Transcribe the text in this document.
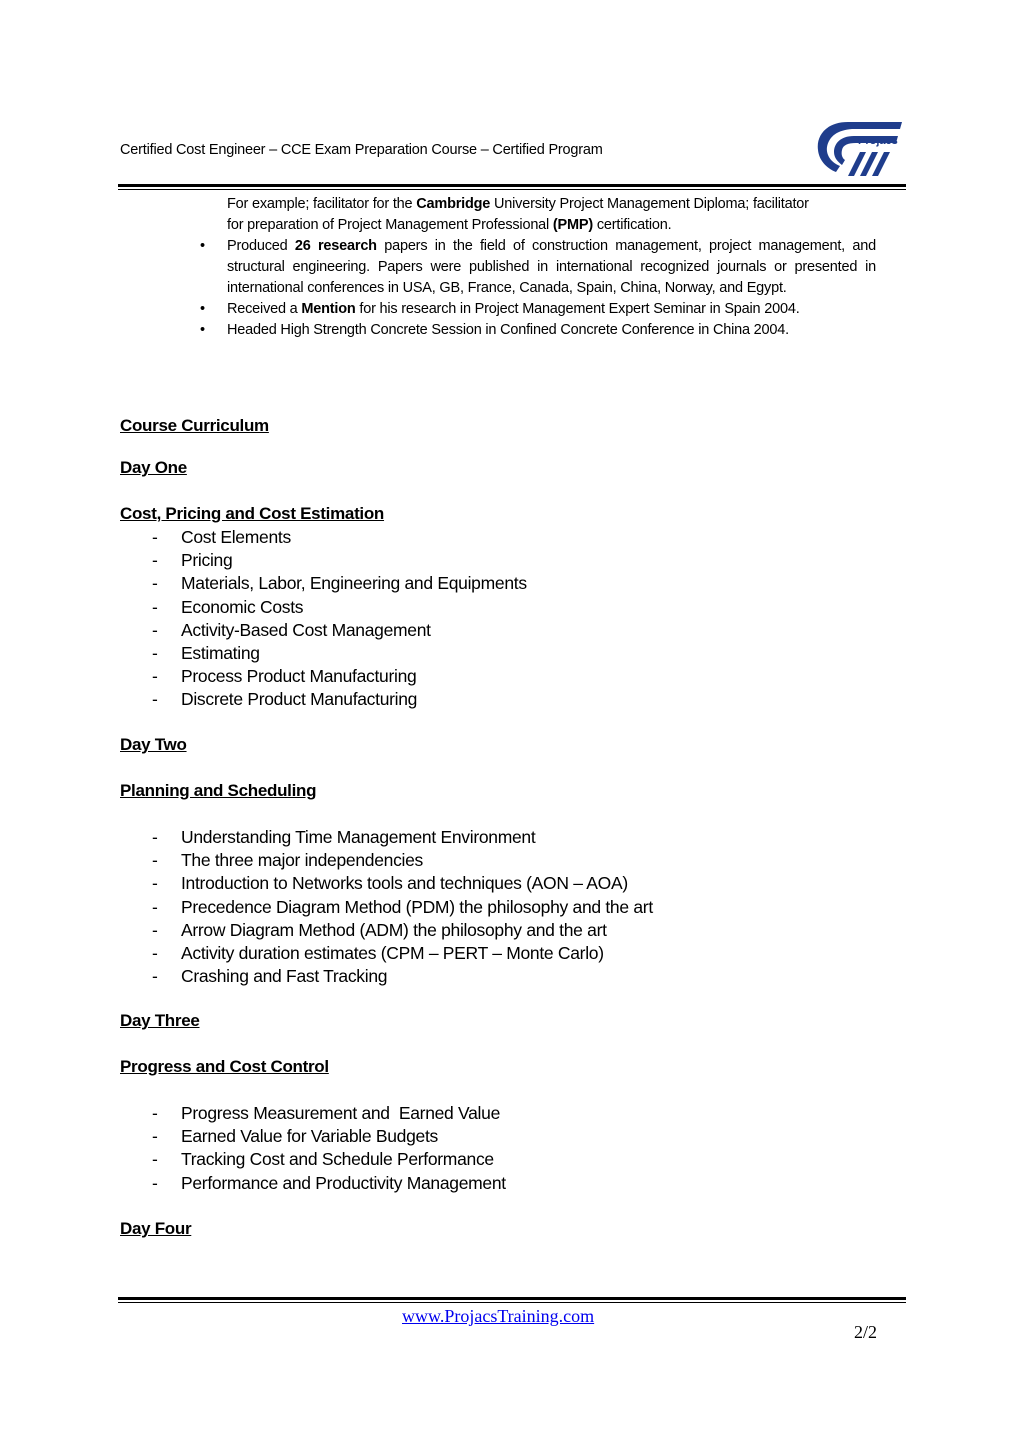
Certified Cost Engineer – CCE Exam Preparation Course – Certified Program
Projacs
For example; facilitator for the Cambridge University Project Management Diploma; facilitator
for preparation of Project Management Professional (PMP) certification.
• Produced 26 research papers in the field of construction management, project management, and structural engineering. Papers were published in international recognized journals or presented in international conferences in USA, GB, France, Canada, Spain, China, Norway, and Egypt.
• Received a Mention for his research in Project Management Expert Seminar in Spain 2004.
• Headed High Strength Concrete Session in Confined Concrete Conference in China 2004.
Course Curriculum
Day One
Cost, Pricing and Cost Estimation
- Cost Elements
- Pricing
- Materials, Labor, Engineering and Equipments
- Economic Costs
- Activity-Based Cost Management
- Estimating
- Process Product Manufacturing
- Discrete Product Manufacturing
Day Two
Planning and Scheduling
- Understanding Time Management Environment
- The three major independencies
- Introduction to Networks tools and techniques (AON – AOA)
- Precedence Diagram Method (PDM) the philosophy and the art
- Arrow Diagram Method (ADM) the philosophy and the art
- Activity duration estimates (CPM – PERT – Monte Carlo)
- Crashing and Fast Tracking
Day Three
Progress and Cost Control
- Progress Measurement and  Earned Value
- Earned Value for Variable Budgets
- Tracking Cost and Schedule Performance
- Performance and Productivity Management
Day Four
www.ProjacsTraining.com
2/2
